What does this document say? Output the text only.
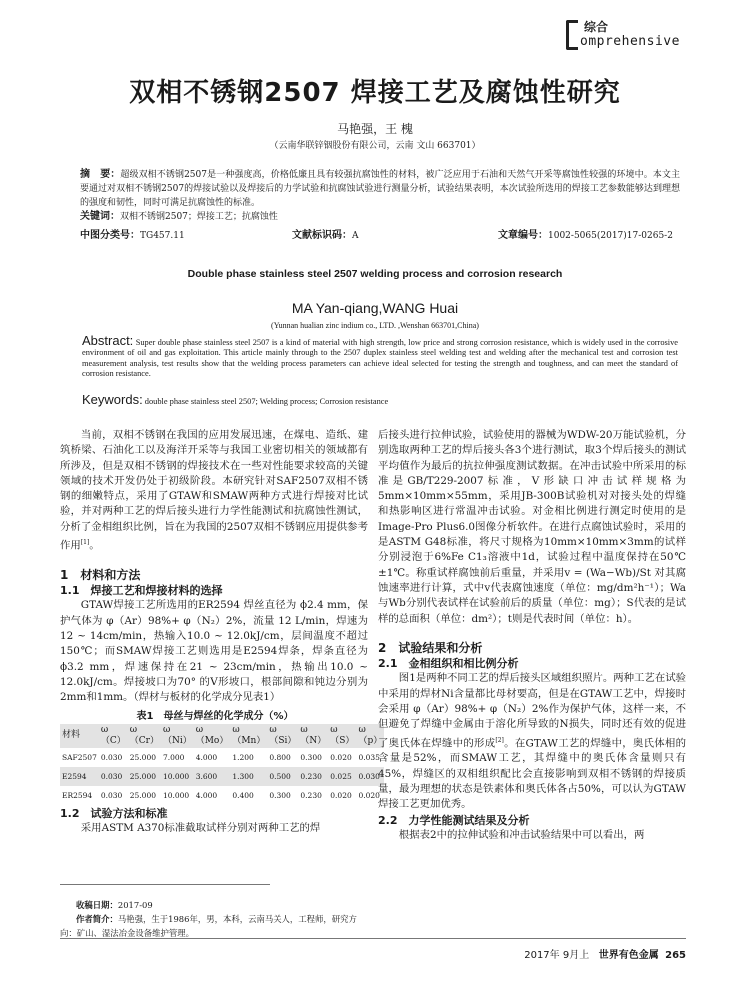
综合
omprehensive
双相不锈钢2507 焊接工艺及腐蚀性研究
马艳强，王 槐
（云南华联锌铟股份有限公司，云南 文山 663701）
摘　要：超级双相不锈钢2507是一种强度高，价格低廉且具有较强抗腐蚀性的材料，被广泛应用于石油和天然气开采等腐蚀性较强的环境中。本文主要通过对双相不锈钢2507的焊接试验以及焊接后的力学试验和抗腐蚀试验进行测量分析，试验结果表明，本次试验所选用的焊接工艺参数能够达到理想的强度和韧性，同时可满足抗腐蚀性的标准。
关键词：双相不锈钢2507；焊接工艺；抗腐蚀性
中图分类号：TG457.11	文献标识码：A	文章编号：1002-5065(2017)17-0265-2
Double phase stainless steel 2507 welding process and corrosion research
MA Yan-qiang,WANG Huai
(Yunnan hualian zinc indium co., LTD. ,Wenshan 663701,China)
Abstract: Super double phase stainless steel 2507 is a kind of material with high strength, low price and strong corrosion resistance, which is widely used in the corrosive environment of oil and gas exploitation. This article mainly through to the 2507 duplex stainless steel welding test and welding after the mechanical test and corrosion test measurement analysis, test results show that the welding process parameters can achieve ideal selected for testing the strength and toughness, and can meet the standard of corrosion resistance.
Keywords: double phase stainless steel 2507; Welding process; Corrosion resistance

当前，双相不锈钢在我国的应用发展迅速，在煤电、造纸、建筑桥梁、石油化工以及海洋开采等与我国工业密切相关的领域都有所涉及，但是双相不锈钢的焊接技术在一些对性能要求较高的关键领域的技术开发仍处于初级阶段。本研究针对SAF2507双相不锈钢的细嫩特点，采用了GTAW和SMAW两种方式进行焊接对比试验，并对两种工艺的焊后接头进行力学性能测试和抗腐蚀性测试，分析了金相组织比例，旨在为我国的2507双相不锈钢应用提供参考作用[1]。

1　材料和方法
1.1　焊接工艺和焊接材料的选择

GTAW焊接工艺所选用的ER2594 焊丝直径为 ϕ2.4 mm，保护气体为 φ（Ar）98%+ φ（N₂）2%，流量 12 L/min，焊速为12 ~ 14cm/min，热输入10.0 ~ 12.0kJ/cm，层间温度不超过150℃；而SMAW焊接工艺则选用是E2594焊条，焊条直径为 ϕ3.2 mm，焊速保持在21 ~ 23cm/min，热输出10.0 ~ 12.0kJ/cm。焊接坡口为70° 的V形坡口，根部间隙和钝边分别为2mm和1mm。（焊材与板材的化学成分见表1）

表1　母丝与焊丝的化学成分（%）
材料	ω（C）	ω（Cr）	ω（Ni）	ω（Mo）	ω（Mn）	ω（Si）	ω（N）	ω（S）	ω（p）
SAF2507	0.030	25.000	7.000	4.000	1.200	0.800	0.300	0.020	0.035
E2594	0.030	25.000	10.000	3.600	1.300	0.500	0.230	0.025	0.030
ER2594	0.030	25.000	10.000	4.000	0.400	0.300	0.230	0.020	0.020
1.2　试验方法和标准

采用ASTM A370标准截取试样分别对两种工艺的焊

收稿日期：2017-09
作者简介：马艳强，生于1986年，男，本科，云南马关人，工程师，研究方向：矿山、湿法冶金设备维护管理。

后接头进行拉伸试验，试验使用的器械为WDW-20万能试验机，分别选取两种工艺的焊后接头各3个进行测试，取3个焊后接头的测试平均值作为最后的抗拉伸强度测试数据。在冲击试验中所采用的标准是GB/T229-2007标准，V形缺口冲击试样规格为5mm×10mm×55mm，采用JB-300B试验机对对接头处的焊缝和热影响区进行常温冲击试验。对金相比例进行测定时使用的是Image-Pro Plus6.0图像分析软件。在进行点腐蚀试验时，采用的是ASTM G48标准，将尺寸规格为10mm×10mm×3mm的试样分别浸泡于6%Fe C1₃溶液中1d，试验过程中温度保持在50℃ ±1℃。称重试样腐蚀前后重量，并采用v = (Wa−Wb)/St 对其腐蚀速率进行计算，式中v代表腐蚀速度（单位：mg/dm²h⁻¹）；Wa与Wb分别代表试样在试验前后的质量（单位：mg）；S代表的是试样的总面积（单位：dm²）；t则是代表时间（单位：h）。

2　试验结果和分析
2.1　金相组织和相比例分析

图1是两种不同工艺的焊后接头区域组织照片。两种工艺在试验中采用的焊材Ni含量都比母材要高，但是在GTAW工艺中，焊接时会采用 φ（Ar）98%+ φ（N₂）2%作为保护气体，这样一来，不但避免了焊缝中金属由于溶化所导致的N损失，同时还有效的促进了奥氏体在焊缝中的形成[2]。在GTAW工艺的焊缝中，奥氏体相的含量是52%，而SMAW工艺，其焊缝中的奥氏体含量则只有45%，焊缝区的双相组织配比会直接影响到双相不锈钢的焊接质量，最为理想的状态是铁素体和奥氏体各占50%，可以认为GTAW焊接工艺更加优秀。

2.2　力学性能测试结果及分析

根据表2中的拉伸试验和冲击试验结果中可以看出，两

2017年 9月上 世界有色金属 265
